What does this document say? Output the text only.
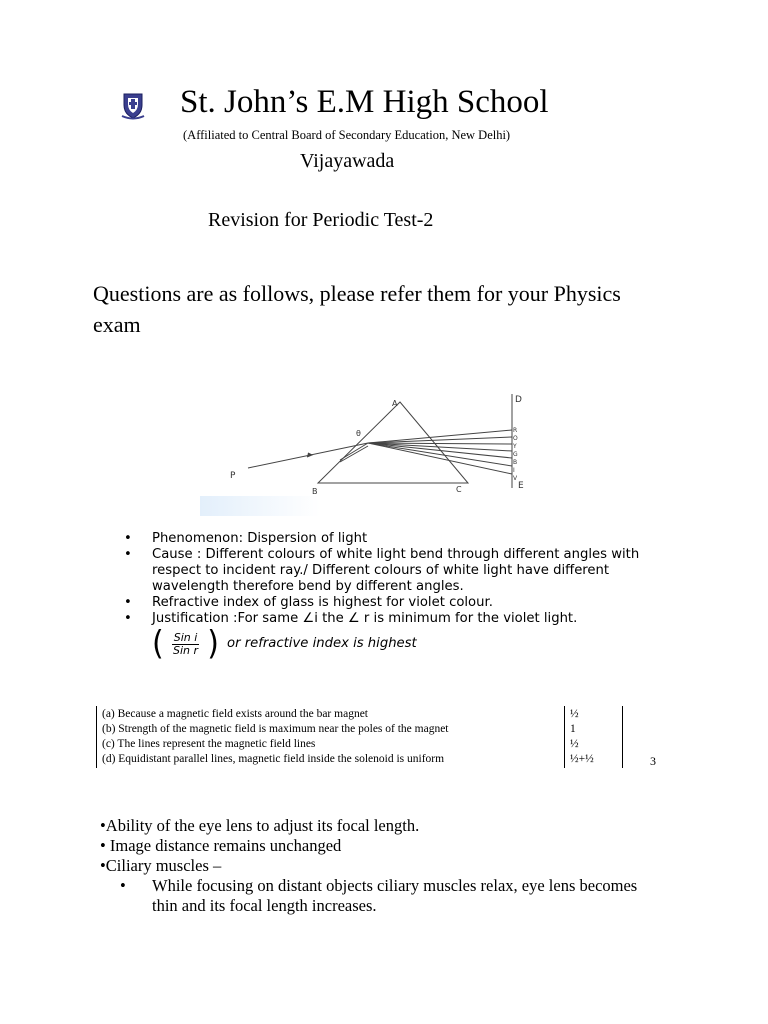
St. John’s E.M High School
(Affiliated to Central Board of Secondary Education, New Delhi)
Vijayawada
Revision for Periodic Test-2
Questions are as follows, please refer them for your Physics exam
A
B	C
D
E
P
θ	R
O
Y
G
B
I
V
• Phenomenon: Dispersion of light
• Cause : Different colours of white light bend through different angles with respect to incident ray./ Different colours of white light have different wavelength therefore bend by different angles.
• Refractive index of glass is highest for violet colour.
• Justification :For same ∠i the ∠ r is minimum for the violet light.
( $\frac{\text{Sin i}}{\text{Sin r}}$ ) or refractive index is highest
(a) Because a magnetic field exists around the bar magnet	½
(b) Strength of the magnetic field is maximum near the poles of the magnet	1
(c) The lines represent the magnetic field lines	½
(d) Equidistant parallel lines, magnetic field inside the solenoid is uniform	½+½	3
•Ability of the eye lens to adjust its focal length.
• Image distance remains unchanged
•Ciliary muscles –
• While focusing on distant objects ciliary muscles relax, eye lens becomes thin and its focal length increases.
